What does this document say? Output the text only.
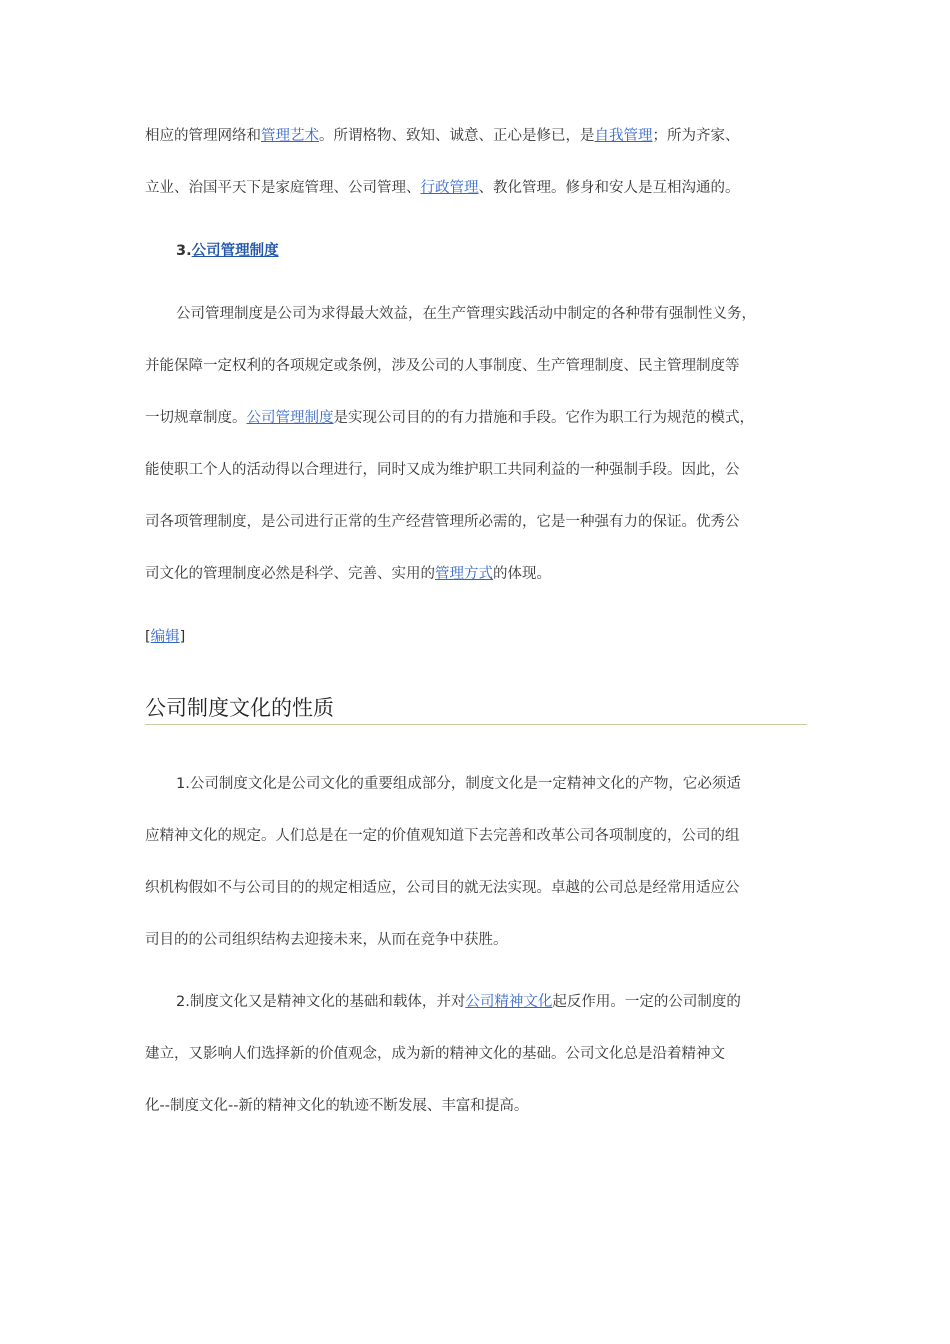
相应的管理网络和管理艺术。所谓格物、致知、诚意、正心是修已，是自我管理；所为齐家、
立业、治国平天下是家庭管理、公司管理、行政管理、教化管理。修身和安人是互相沟通的。
3.公司管理制度
公司管理制度是公司为求得最大效益，在生产管理实践活动中制定的各种带有强制性义务，
并能保障一定权利的各项规定或条例，涉及公司的人事制度、生产管理制度、民主管理制度等
一切规章制度。公司管理制度是实现公司目的的有力措施和手段。它作为职工行为规范的模式，
能使职工个人的活动得以合理进行，同时又成为维护职工共同利益的一种强制手段。因此，公
司各项管理制度，是公司进行正常的生产经营管理所必需的，它是一种强有力的保证。优秀公
司文化的管理制度必然是科学、完善、实用的管理方式的体现。
[编辑]
公司制度文化的性质
1.公司制度文化是公司文化的重要组成部分，制度文化是一定精神文化的产物，它必须适
应精神文化的规定。人们总是在一定的价值观知道下去完善和改革公司各项制度的，公司的组
织机构假如不与公司目的的规定相适应，公司目的就无法实现。卓越的公司总是经常用适应公
司目的的公司组织结构去迎接未来，从而在竞争中获胜。
2.制度文化又是精神文化的基础和载体，并对公司精神文化起反作用。一定的公司制度的
建立，又影响人们选择新的价值观念，成为新的精神文化的基础。公司文化总是沿着精神文
化--制度文化--新的精神文化的轨迹不断发展、丰富和提高。
